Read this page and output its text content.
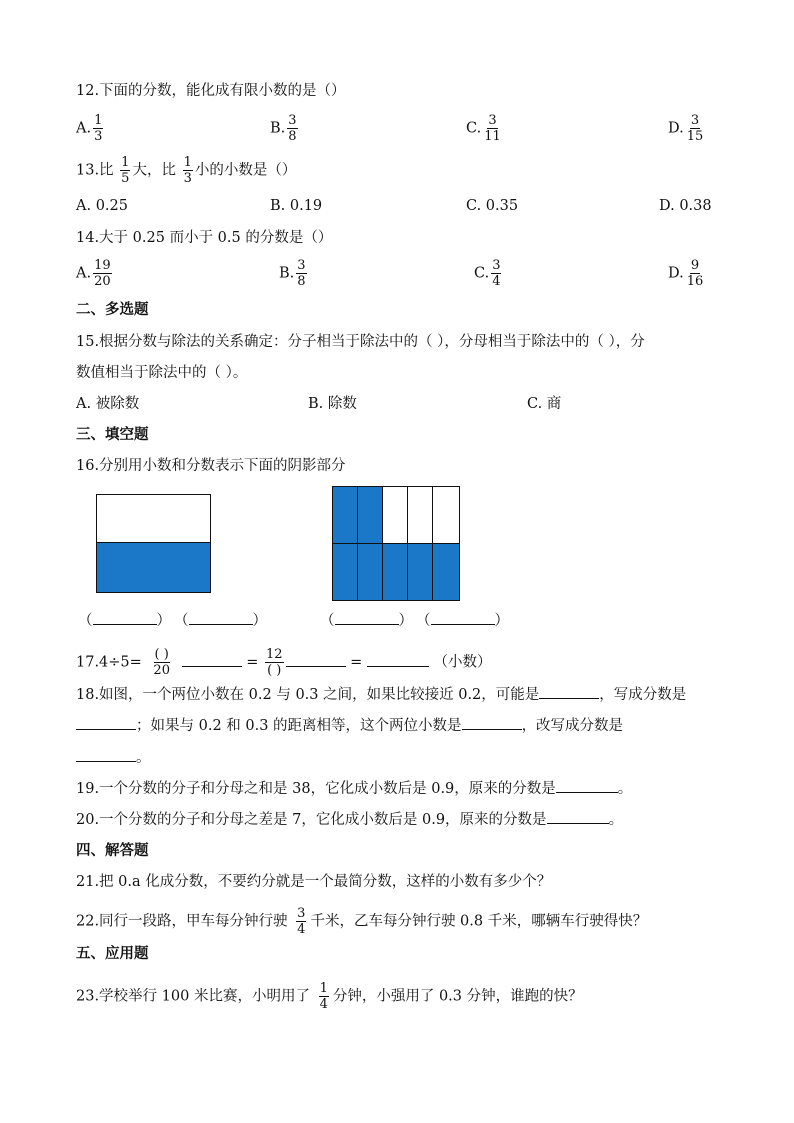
12.下面的分数，能化成有限小数的是（）
A. $\frac{1}{3}$	B. $\frac{3}{8}$	C. $\frac{3}{11}$	D. $\frac{3}{15}$
13.比 $\frac{1}{5}$ 大，比 $\frac{1}{3}$ 小的小数是（）
A. 0.25	B. 0.19	C. 0.35	D. 0.38
14.大于 0.25 而小于 0.5 的分数是（）
A. $\frac{19}{20}$	B. $\frac{3}{8}$	C. $\frac{3}{4}$	D. $\frac{9}{16}$
二、多选题
15.根据分数与除法的关系确定：分子相当于除法中的（ ），分母相当于除法中的（ ），分
数值相当于除法中的（ ）。
A. 被除数	B. 除数	C. 商
三、填空题
16.分别用小数和分数表示下面的阴影部分
（	） （	）	（	） （	）
$17.4\div 5= \frac{( )}{20}$	= $\frac{12}{( )}$	=	（小数）
18.如图，一个两位小数在 0.2 与 0.3 之间，如果比较接近 0.2，可能是	，写成分数是
；如果与 0.2 和 0.3 的距离相等，这个两位小数是	，改写成分数是
。
19.一个分数的分子和分母之和是 38，它化成小数后是 0.9，原来的分数是	。
20.一个分数的分子和分母之差是 7，它化成小数后是 0.9，原来的分数是	。
四、解答题
21.把 0.a 化成分数，不要约分就是一个最简分数，这样的小数有多少个？
22.同行一段路，甲车每分钟行驶 $\frac{3}{4}$ 千米，乙车每分钟行驶 0.8 千米，哪辆车行驶得快？
五、应用题
23.学校举行 100 米比赛，小明用了 $\frac{1}{4}$ 分钟，小强用了 0.3 分钟，谁跑的快？
